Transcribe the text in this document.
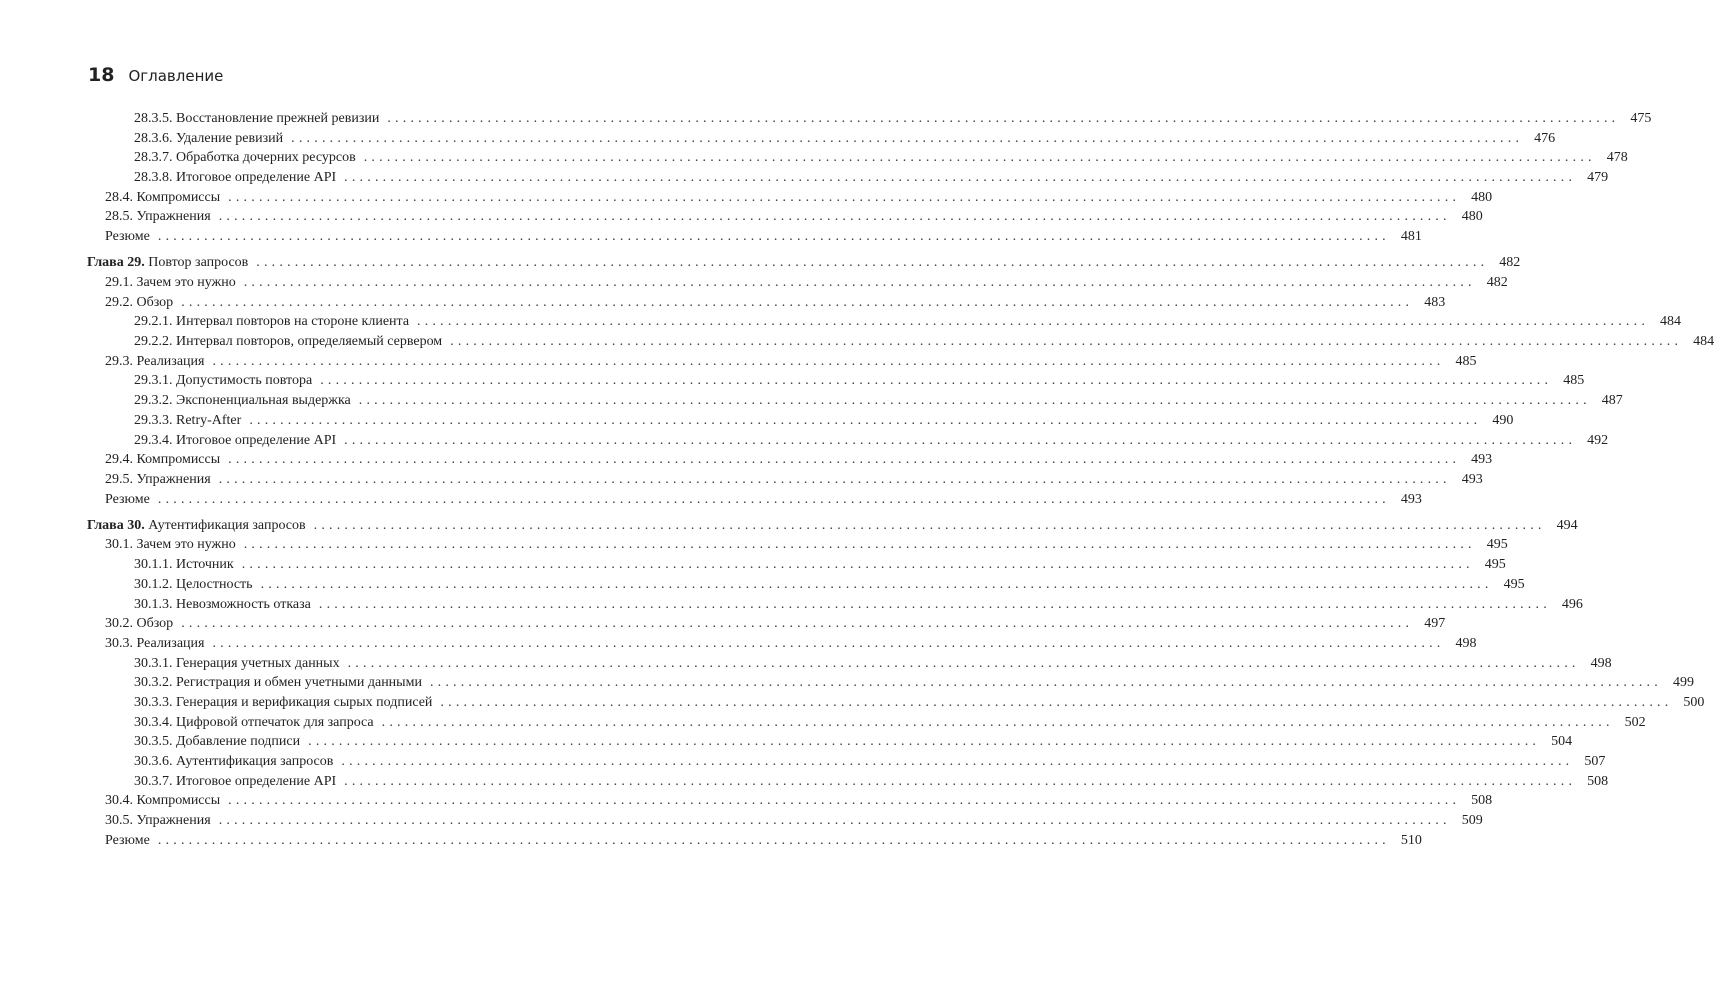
18 Оглавление
28.3.5. Восстановление прежней ревизии ................................................................................................................................................................ 475
28.3.6. Удаление ревизий ................................................................................................................................................................ 476
28.3.7. Обработка дочерних ресурсов ................................................................................................................................................................ 478
28.3.8. Итоговое определение API ................................................................................................................................................................ 479
28.4. Компромиссы ................................................................................................................................................................ 480
28.5. Упражнения ................................................................................................................................................................ 480
Резюме ................................................................................................................................................................ 481
Глава 29. Повтор запросов ................................................................................................................................................................ 482
29.1. Зачем это нужно ................................................................................................................................................................ 482
29.2. Обзор ................................................................................................................................................................ 483
29.2.1. Интервал повторов на стороне клиента ................................................................................................................................................................ 484
29.2.2. Интервал повторов, определяемый сервером ................................................................................................................................................................ 484
29.3. Реализация ................................................................................................................................................................ 485
29.3.1. Допустимость повтора ................................................................................................................................................................ 485
29.3.2. Экспоненциальная выдержка ................................................................................................................................................................ 487
29.3.3. Retry-After ................................................................................................................................................................ 490
29.3.4. Итоговое определение API ................................................................................................................................................................ 492
29.4. Компромиссы ................................................................................................................................................................ 493
29.5. Упражнения ................................................................................................................................................................ 493
Резюме ................................................................................................................................................................ 493
Глава 30. Аутентификация запросов ................................................................................................................................................................ 494
30.1. Зачем это нужно ................................................................................................................................................................ 495
30.1.1. Источник ................................................................................................................................................................ 495
30.1.2. Целостность ................................................................................................................................................................ 495
30.1.3. Невозможность отказа ................................................................................................................................................................ 496
30.2. Обзор ................................................................................................................................................................ 497
30.3. Реализация ................................................................................................................................................................ 498
30.3.1. Генерация учетных данных ................................................................................................................................................................ 498
30.3.2. Регистрация и обмен учетными данными ................................................................................................................................................................ 499
30.3.3. Генерация и верификация сырых подписей ................................................................................................................................................................ 500
30.3.4. Цифровой отпечаток для запроса ................................................................................................................................................................ 502
30.3.5. Добавление подписи ................................................................................................................................................................ 504
30.3.6. Аутентификация запросов ................................................................................................................................................................ 507
30.3.7. Итоговое определение API ................................................................................................................................................................ 508
30.4. Компромиссы ................................................................................................................................................................ 508
30.5. Упражнения ................................................................................................................................................................ 509
Резюме ................................................................................................................................................................ 510
